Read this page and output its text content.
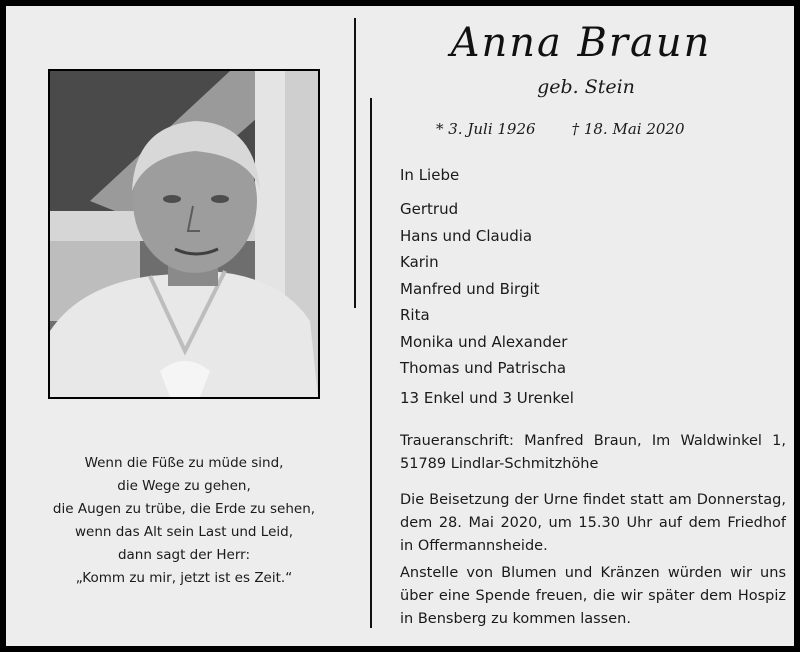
Anna Braun
geb. Stein
* 3. Juli 1926 † 18. Mai 2020
In Liebe
Gertrud
Hans und Claudia
Karin
Manfred und Birgit
Rita
Monika und Alexander
Thomas und Patrischa
13 Enkel und 3 Urenkel

Traueranschrift: Manfred Braun, Im Waldwinkel 1, 51789 Lindlar-Schmitzhöhe

Die Beisetzung der Urne findet statt am Donnerstag, dem 28. Mai 2020, um 15.30 Uhr auf dem Friedhof in Offermannsheide.

Anstelle von Blumen und Kränzen würden wir uns über eine Spende freuen, die wir später dem Hospiz in Bensberg zu kommen lassen.

Wenn die Füße zu müde sind,
die Wege zu gehen,
die Augen zu trübe, die Erde zu sehen,
wenn das Alt sein Last und Leid,
dann sagt der Herr:
„Komm zu mir, jetzt ist es Zeit.“
